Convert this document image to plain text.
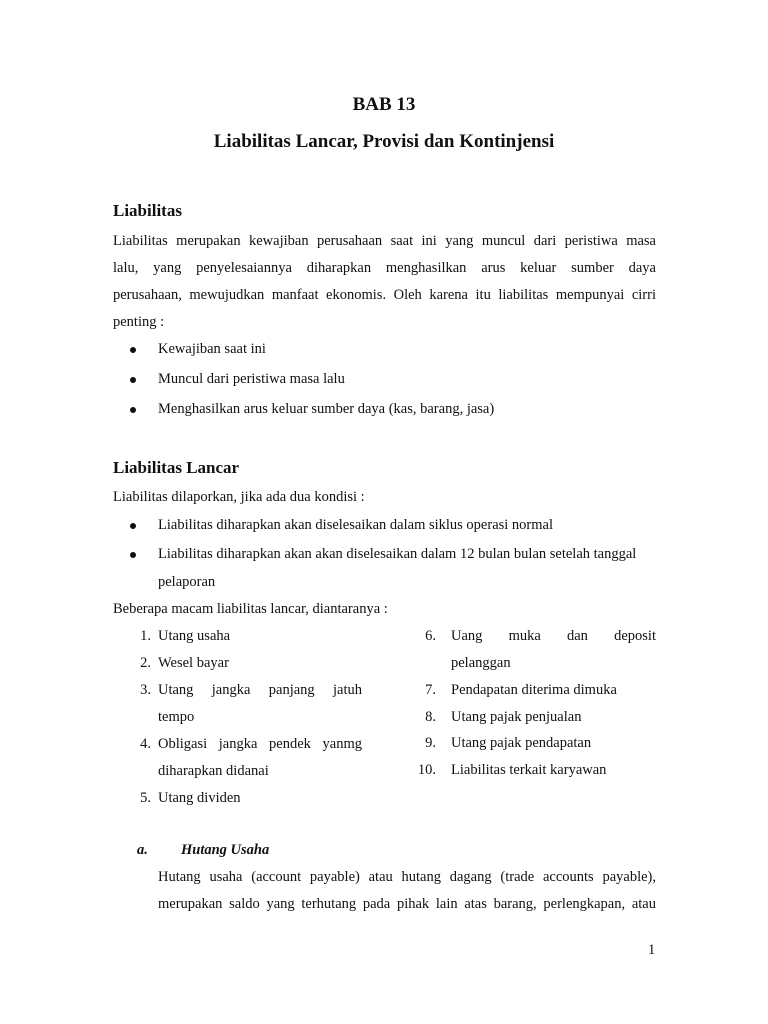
BAB 13
Liabilitas Lancar, Provisi dan Kontinjensi
Liabilitas
Liabilitas merupakan kewajiban perusahaan saat ini yang muncul dari peristiwa masa
lalu, yang penyelesaiannya diharapkan menghasilkan arus keluar sumber daya
perusahaan, mewujudkan manfaat ekonomis. Oleh karena itu liabilitas mempunyai cirri
penting :
Kewajiban saat ini
Muncul dari peristiwa masa lalu
Menghasilkan arus keluar sumber daya (kas, barang, jasa)
Liabilitas Lancar
Liabilitas dilaporkan, jika ada dua kondisi :
Liabilitas diharapkan akan diselesaikan dalam siklus operasi normal
Liabilitas diharapkan akan akan diselesaikan dalam 12 bulan bulan setelah tanggal
pelaporan
Beberapa macam liabilitas lancar, diantaranya :
1. Utang usaha
2. Wesel bayar
3. Utang jangka panjang jatuh
tempo
4. Obligasi jangka pendek yanmg
diharapkan didanai
5. Utang dividen
6. Uang muka dan deposit
pelanggan
7. Pendapatan diterima dimuka
8. Utang pajak penjualan
9. Utang pajak pendapatan
10. Liabilitas terkait karyawan
a. Hutang Usaha
Hutang usaha (account payable) atau hutang dagang (trade accounts payable),
merupakan saldo yang terhutang pada pihak lain atas barang, perlengkapan, atau
1
